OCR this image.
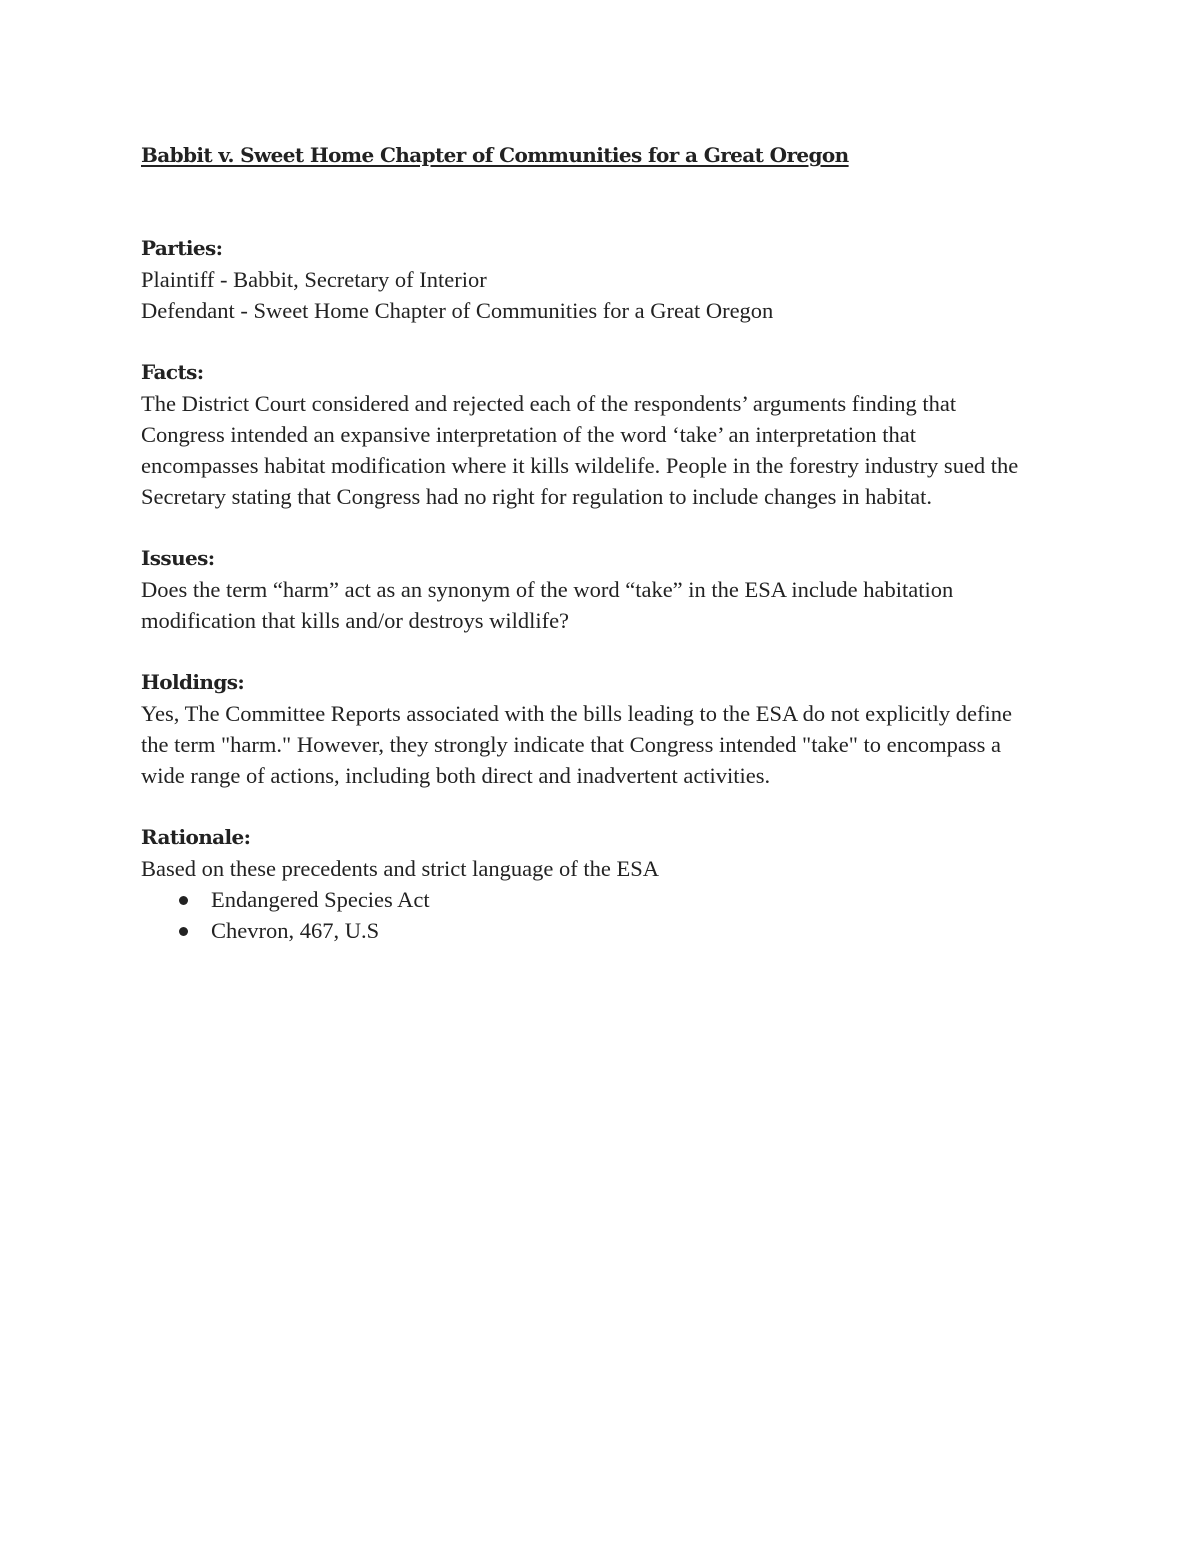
Babbit v. Sweet Home Chapter of Communities for a Great Oregon

Parties:

Plaintiff - Babbit, Secretary of Interior

Defendant - Sweet Home Chapter of Communities for a Great Oregon

Facts:

The District Court considered and rejected each of the respondents’ arguments finding that

Congress intended an expansive interpretation of the word ‘take’ an interpretation that

encompasses habitat modification where it kills wildelife. People in the forestry industry sued the

Secretary stating that Congress had no right for regulation to include changes in habitat.

Issues:

Does the term “harm” act as an synonym of the word “take” in the ESA include habitation

modification that kills and/or destroys wildlife?

Holdings:

Yes, The Committee Reports associated with the bills leading to the ESA do not explicitly define

the term "harm." However, they strongly indicate that Congress intended "take" to encompass a

wide range of actions, including both direct and inadvertent activities.

Rationale:

Based on these precedents and strict language of the ESA

Endangered Species Act
Chevron, 467, U.S
